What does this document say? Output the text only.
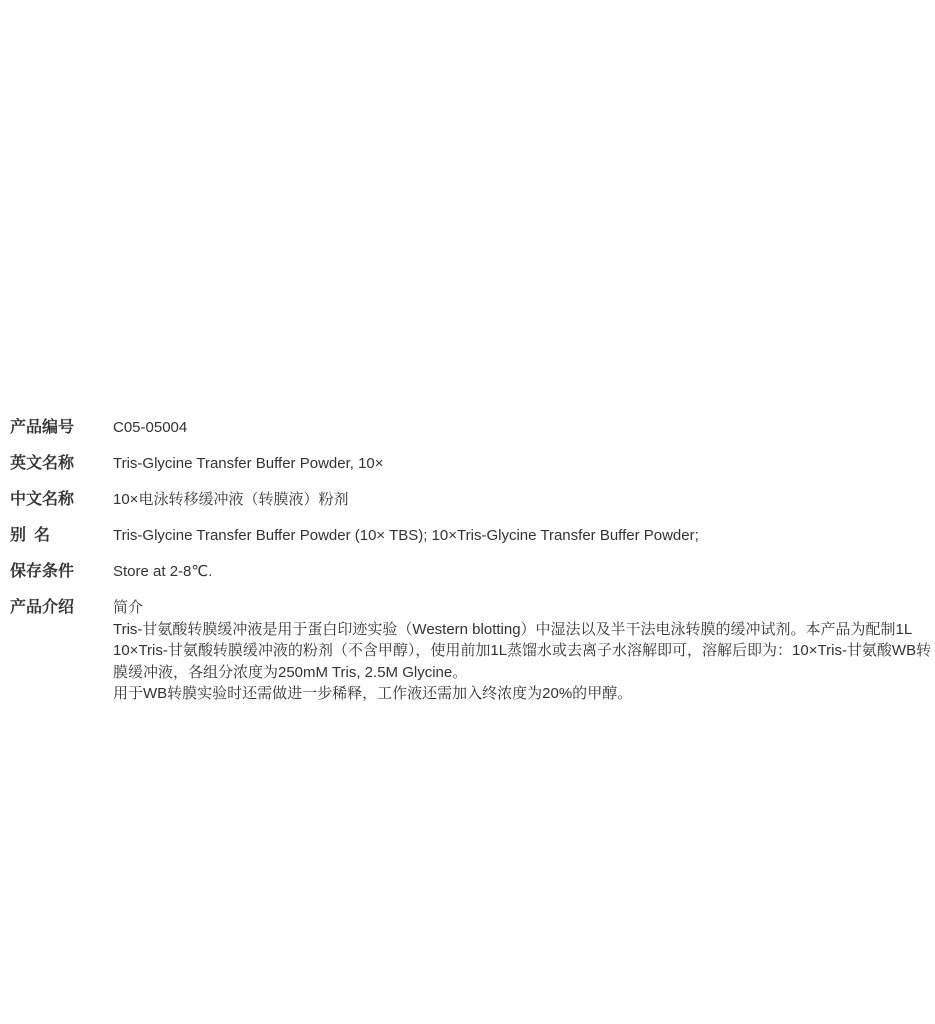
产品编号	C05-05004
英文名称	Tris-Glycine Transfer Buffer Powder, 10×
中文名称	10×电泳转移缓冲液（转膜液）粉剂
别 名	Tris-Glycine Transfer Buffer Powder (10× TBS); 10×Tris-Glycine Transfer Buffer Powder;
保存条件	Store at 2-8℃.
产品介绍	简介
Tris-甘氨酸转膜缓冲液是用于蛋白印迹实验（Western blotting）中湿法以及半干法电泳转膜的缓冲试剂。本产品为配制1L 10×Tris-甘氨酸转膜缓冲液的粉剂（不含甲醇），使用前加1L蒸馏水或去离子水溶解即可，溶解后即为：10×Tris-甘氨酸WB转膜缓冲液，各组分浓度为250mM Tris, 2.5M Glycine。
用于WB转膜实验时还需做进一步稀释，工作液还需加入终浓度为20%的甲醇。
